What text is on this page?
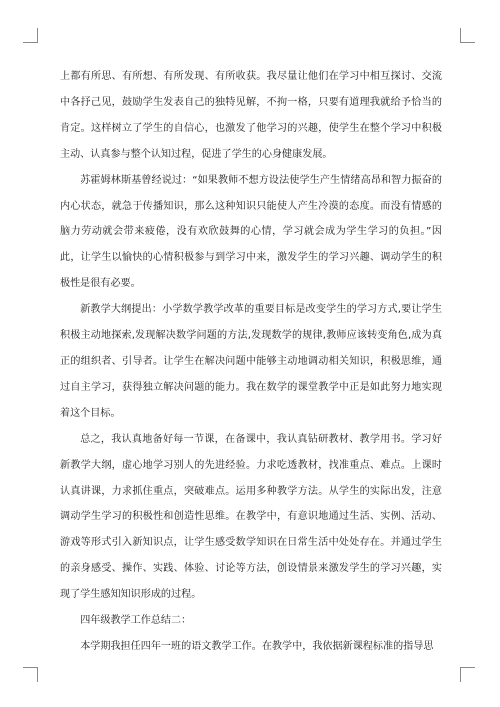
上都有所思、有所想、有所发现、有所收获。我尽量让他们在学习中相互探讨、交流中各抒己见，鼓励学生发表自己的独特见解，不拘一格，只要有道理我就给予恰当的肯定。这样树立了学生的自信心，也激发了他学习的兴趣，使学生在整个学习中积极主动、认真参与整个认知过程，促进了学生的心身健康发展。

苏霍姆林斯基曾经说过：“如果教师不想方设法使学生产生情绪高昂和智力振奋的内心状态，就急于传播知识，那么这种知识只能使人产生冷漠的态度。而没有情感的脑力劳动就会带来疲倦，没有欢欣鼓舞的心情，学习就会成为学生学习的负担。”因此，让学生以愉快的心情积极参与到学习中来，激发学生的学习兴趣、调动学生的积极性是很有必要。

新教学大纲提出：小学数学教学改革的重要目标是改变学生的学习方式,要让学生积极主动地探索,发现解决数学问题的方法,发现数学的规律,教师应该转变角色,成为真正的组织者、引导者。让学生在解决问题中能够主动地调动相关知识，积极思维，通过自主学习，获得独立解决问题的能力。我在数学的课堂教学中正是如此努力地实现着这个目标。

总之，我认真地备好每一节课，在备课中，我认真钻研教材、教学用书。学习好新教学大纲，虚心地学习别人的先进经验。力求吃透教材，找准重点、难点。上课时认真讲课，力求抓住重点，突破难点。运用多种教学方法。从学生的实际出发，注意调动学生学习的积极性和创造性思维。在教学中，有意识地通过生活、实例、活动、游戏等形式引入新知识点，让学生感受数学知识在日常生活中处处存在。并通过学生的亲身感受、操作、实践、体验、讨论等方法，创设情景来激发学生的学习兴趣，实现了学生感知知识形成的过程。

四年级教学工作总结二：

本学期我担任四年一班的语文教学工作。在教学中，我依据新课程标准的指导思
